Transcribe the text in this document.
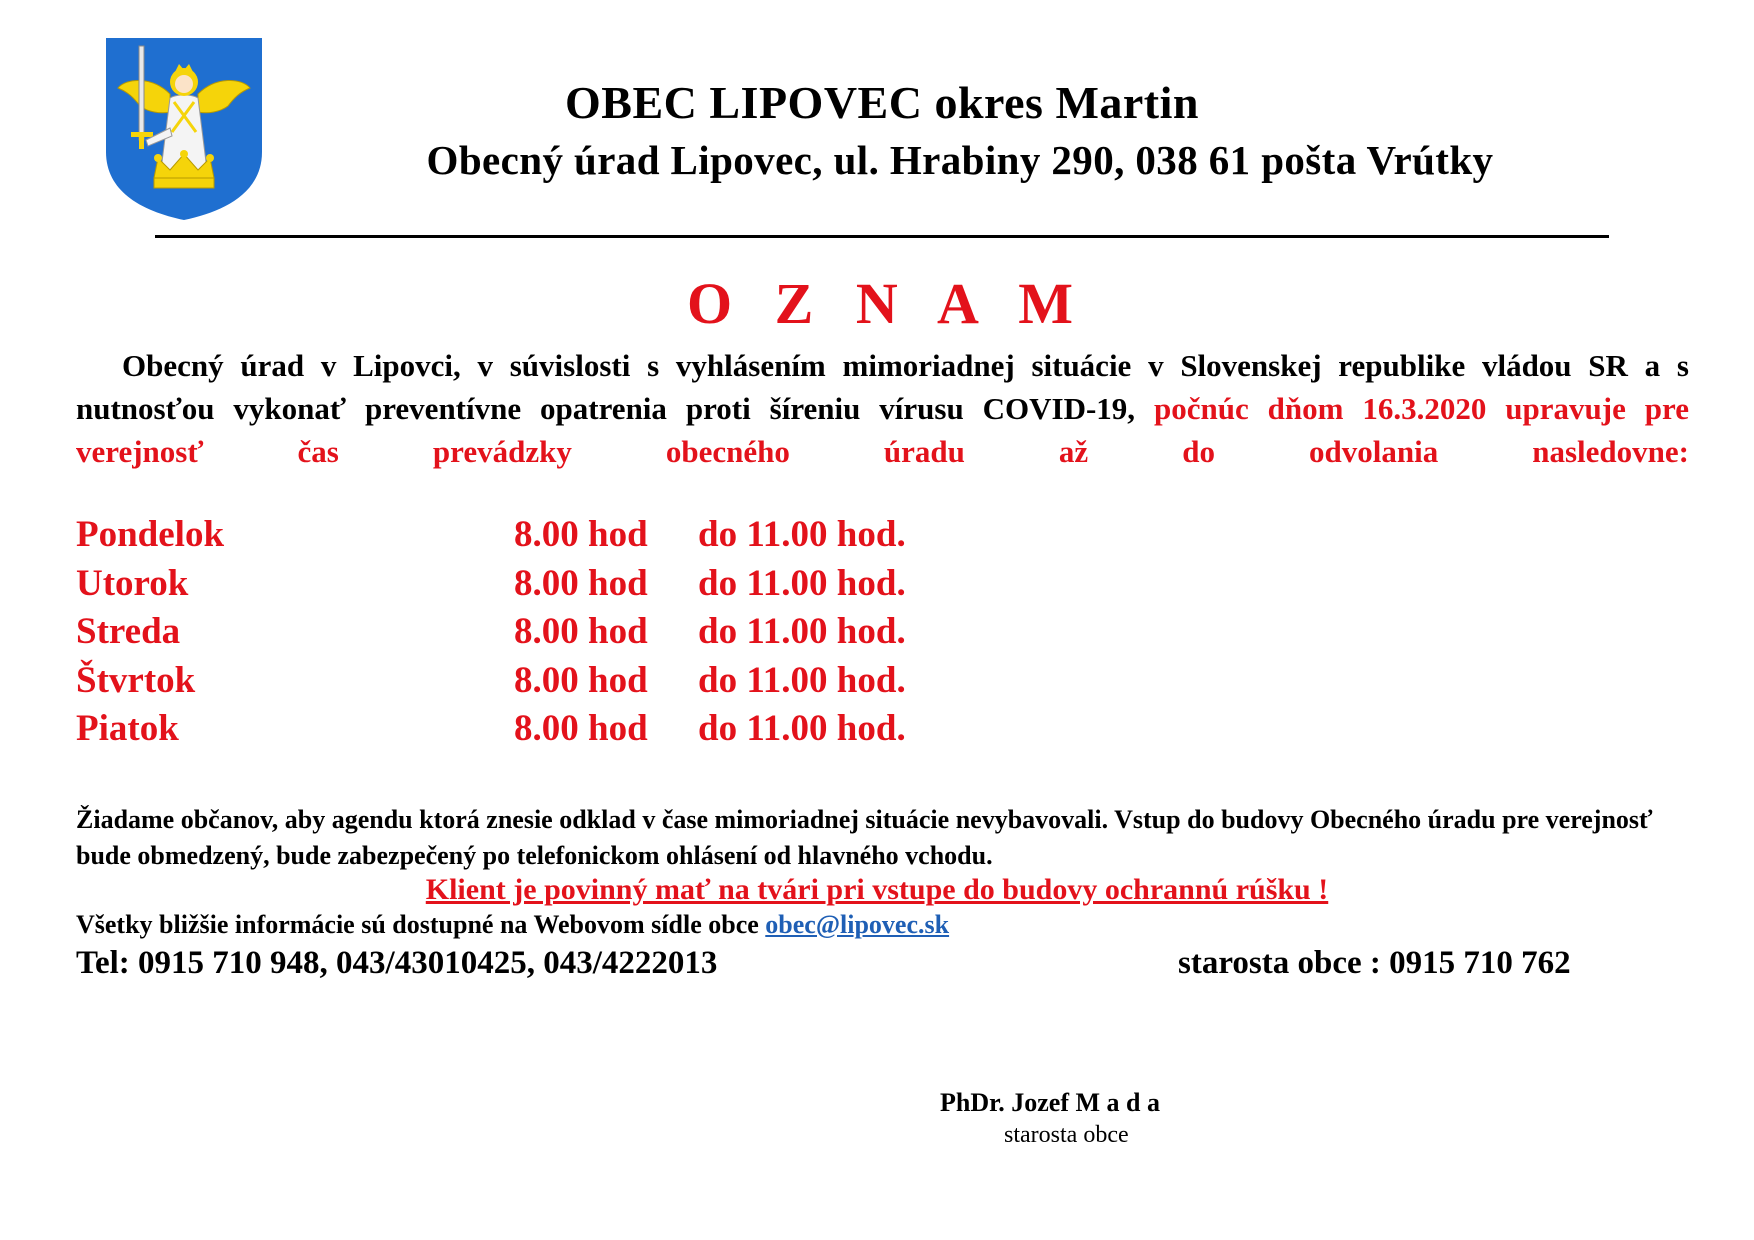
OBEC LIPOVEC okres Martin
Obecný úrad Lipovec, ul. Hrabiny 290, 038 61 pošta Vrútky
O Z N A M

Obecný úrad v Lipovci, v súvislosti s vyhlásením mimoriadnej situácie v Slovenskej republike vládou SR a s nutnosťou vykonať preventívne opatrenia proti šíreniu vírusu COVID-19, počnúc dňom 16.3.2020 upravuje pre verejnosť čas prevádzky obecného úradu až do odvolania nasledovne:

Pondelok	8.00 hod do 11.00 hod.
Utorok	8.00 hod do 11.00 hod.
Streda	8.00 hod do 11.00 hod.
Štvrtok	8.00 hod do 11.00 hod.
Piatok	8.00 hod do 11.00 hod.

Žiadame občanov, aby agendu ktorá znesie odklad v čase mimoriadnej situácie nevybavovali. Vstup do budovy Obecného úradu pre verejnosť bude obmedzený, bude zabezpečený po telefonickom ohlásení od hlavného vchodu.

Klient je povinný mať na tvári pri vstupe do budovy ochrannú rúšku !
Všetky bližšie informácie sú dostupné na Webovom sídle obce obec@lipovec.sk
Tel: 0915 710 948, 043/43010425, 043/4222013	starosta obce : 0915 710 762
PhDr. Jozef M a d a
starosta obce
